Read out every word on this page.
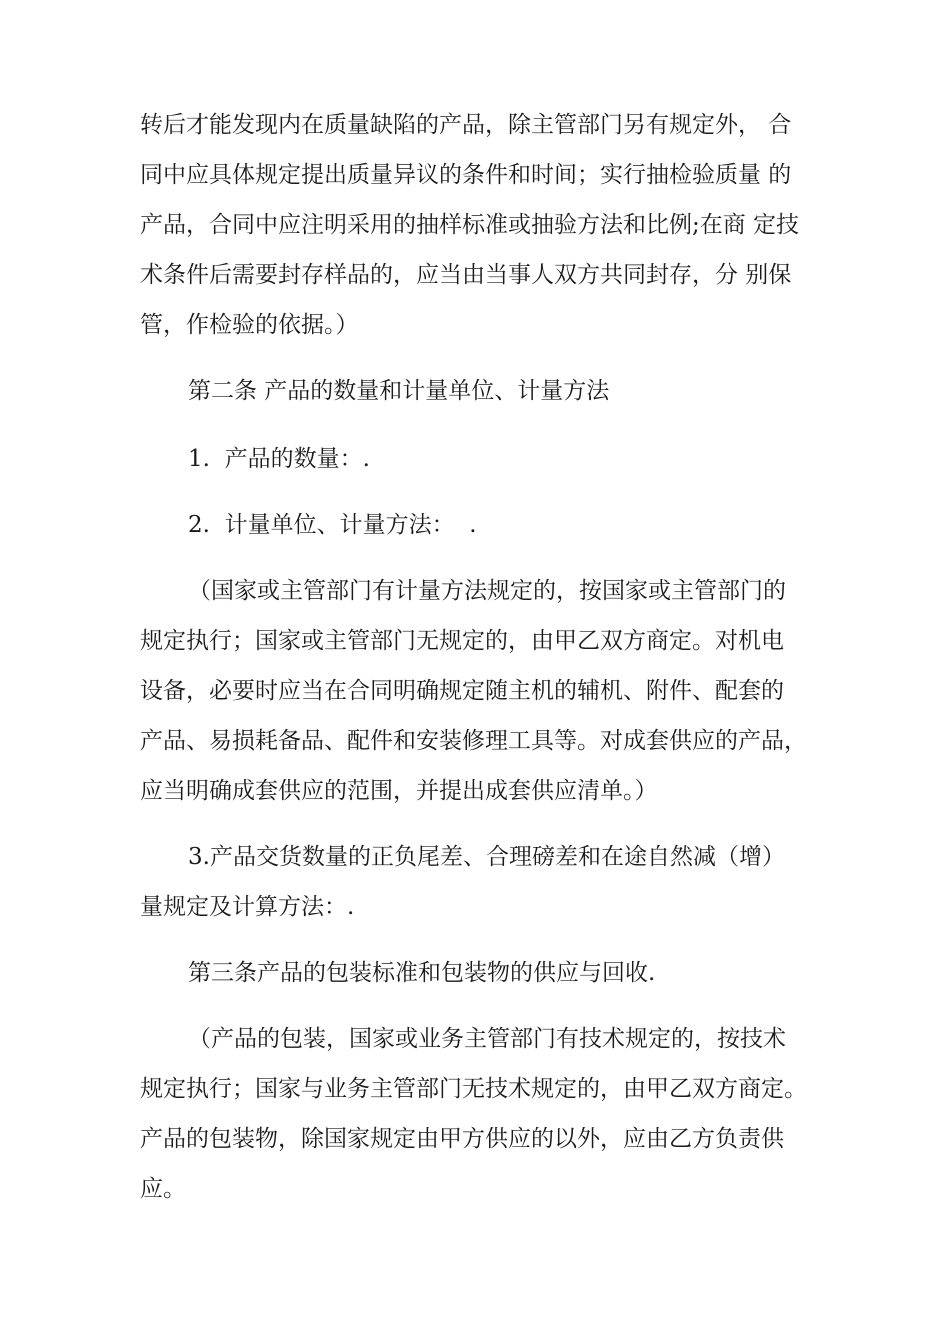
转后才能发现内在质量缺陷的产品，除主管部门另有规定外， 合
同中应具体规定提出质量异议的条件和时间；实行抽检验质量 的
产品，合同中应注明采用的抽样标准或抽验方法和比例;在商 定技
术条件后需要封存样品的，应当由当事人双方共同封存，分 别保
管，作检验的依据。）
第二条 产品的数量和计量单位、计量方法
1.  产品的数量：.
2.  计量单位、计量方法：  .
（国家或主管部门有计量方法规定的，按国家或主管部门的
规定执行；国家或主管部门无规定的，由甲乙双方商定。对机电
设备，必要时应当在合同明确规定随主机的辅机、附件、配套的
产品、易损耗备品、配件和安装修理工具等。对成套供应的产品，
应当明确成套供应的范围，并提出成套供应清单。）
3.产品交货数量的正负尾差、合理磅差和在途自然减（增）
量规定及计算方法：.
第三条产品的包装标准和包装物的供应与回收.
（产品的包装，国家或业务主管部门有技术规定的，按技术
规定执行；国家与业务主管部门无技术规定的，由甲乙双方商定。
产品的包装物，除国家规定由甲方供应的以外，应由乙方负责供
应。
